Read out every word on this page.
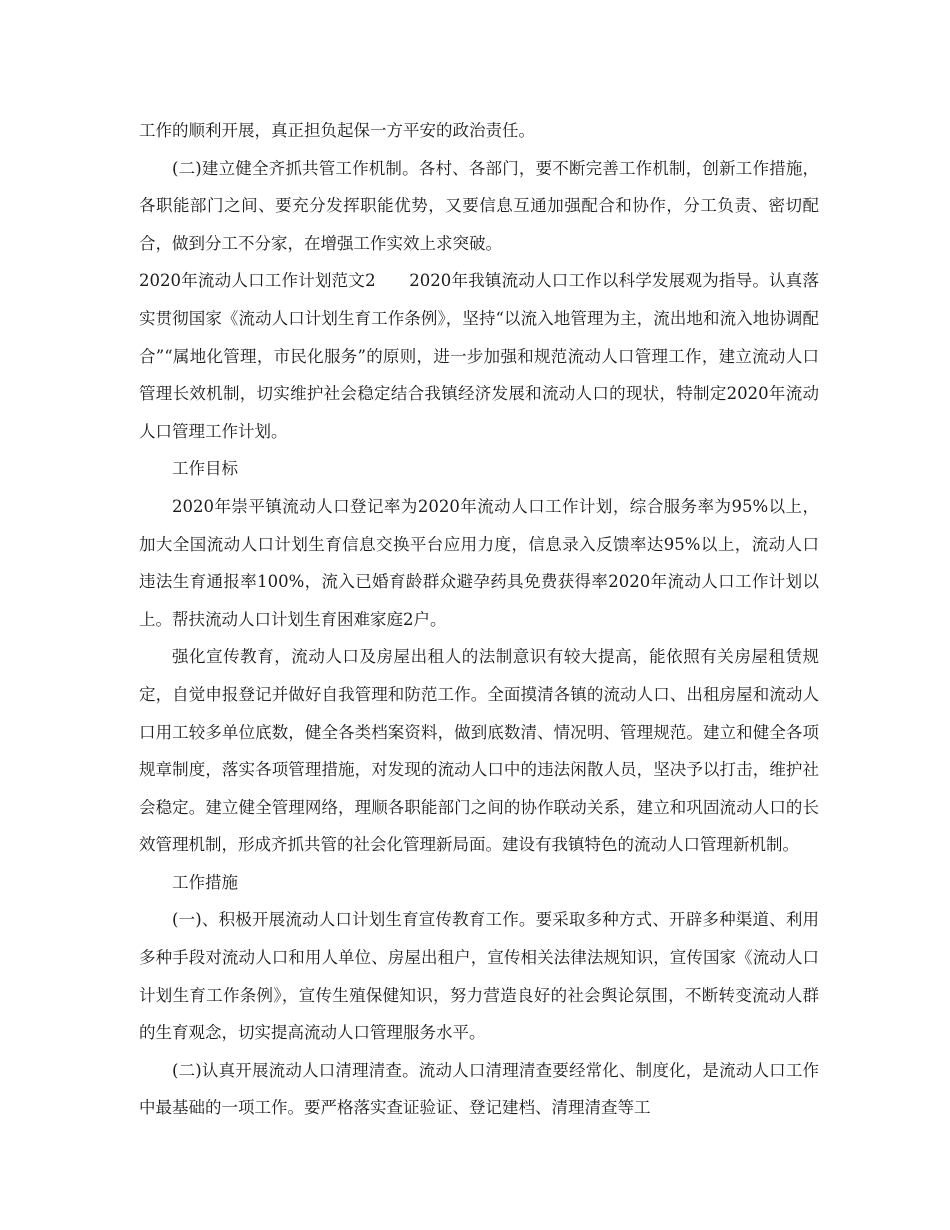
工作的顺利开展，真正担负起保一方平安的政治责任。

(二)建立健全齐抓共管工作机制。各村、各部门，要不断完善工作机制，创新工作措施，各职能部门之间、要充分发挥职能优势，又要信息互通加强配合和协作，分工负责、密切配合，做到分工不分家，在增强工作实效上求突破。

2020年流动人口工作计划范文2　　2020年我镇流动人口工作以科学发展观为指导。认真落实贯彻国家《流动人口计划生育工作条例》，坚持“以流入地管理为主，流出地和流入地协调配合”“属地化管理，市民化服务”的原则，进一步加强和规范流动人口管理工作，建立流动人口管理长效机制，切实维护社会稳定结合我镇经济发展和流动人口的现状，特制定2020年流动人口管理工作计划。

工作目标

2020年崇平镇流动人口登记率为2020年流动人口工作计划，综合服务率为95%以上，加大全国流动人口计划生育信息交换平台应用力度，信息录入反馈率达95%以上，流动人口违法生育通报率100%，流入已婚育龄群众避孕药具免费获得率2020年流动人口工作计划以上。帮扶流动人口计划生育困难家庭2户。

强化宣传教育，流动人口及房屋出租人的法制意识有较大提高，能依照有关房屋租赁规定，自觉申报登记并做好自我管理和防范工作。全面摸清各镇的流动人口、出租房屋和流动人口用工较多单位底数，健全各类档案资料，做到底数清、情况明、管理规范。建立和健全各项规章制度，落实各项管理措施，对发现的流动人口中的违法闲散人员，坚决予以打击，维护社会稳定。建立健全管理网络，理顺各职能部门之间的协作联动关系，建立和巩固流动人口的长效管理机制，形成齐抓共管的社会化管理新局面。建设有我镇特色的流动人口管理新机制。

工作措施

(一)、积极开展流动人口计划生育宣传教育工作。要采取多种方式、开辟多种渠道、利用多种手段对流动人口和用人单位、房屋出租户，宣传相关法律法规知识，宣传国家《流动人口计划生育工作条例》，宣传生殖保健知识，努力营造良好的社会舆论氛围，不断转变流动人群的生育观念，切实提高流动人口管理服务水平。

(二)认真开展流动人口清理清查。流动人口清理清查要经常化、制度化，是流动人口工作中最基础的一项工作。要严格落实查证验证、登记建档、清理清查等工
